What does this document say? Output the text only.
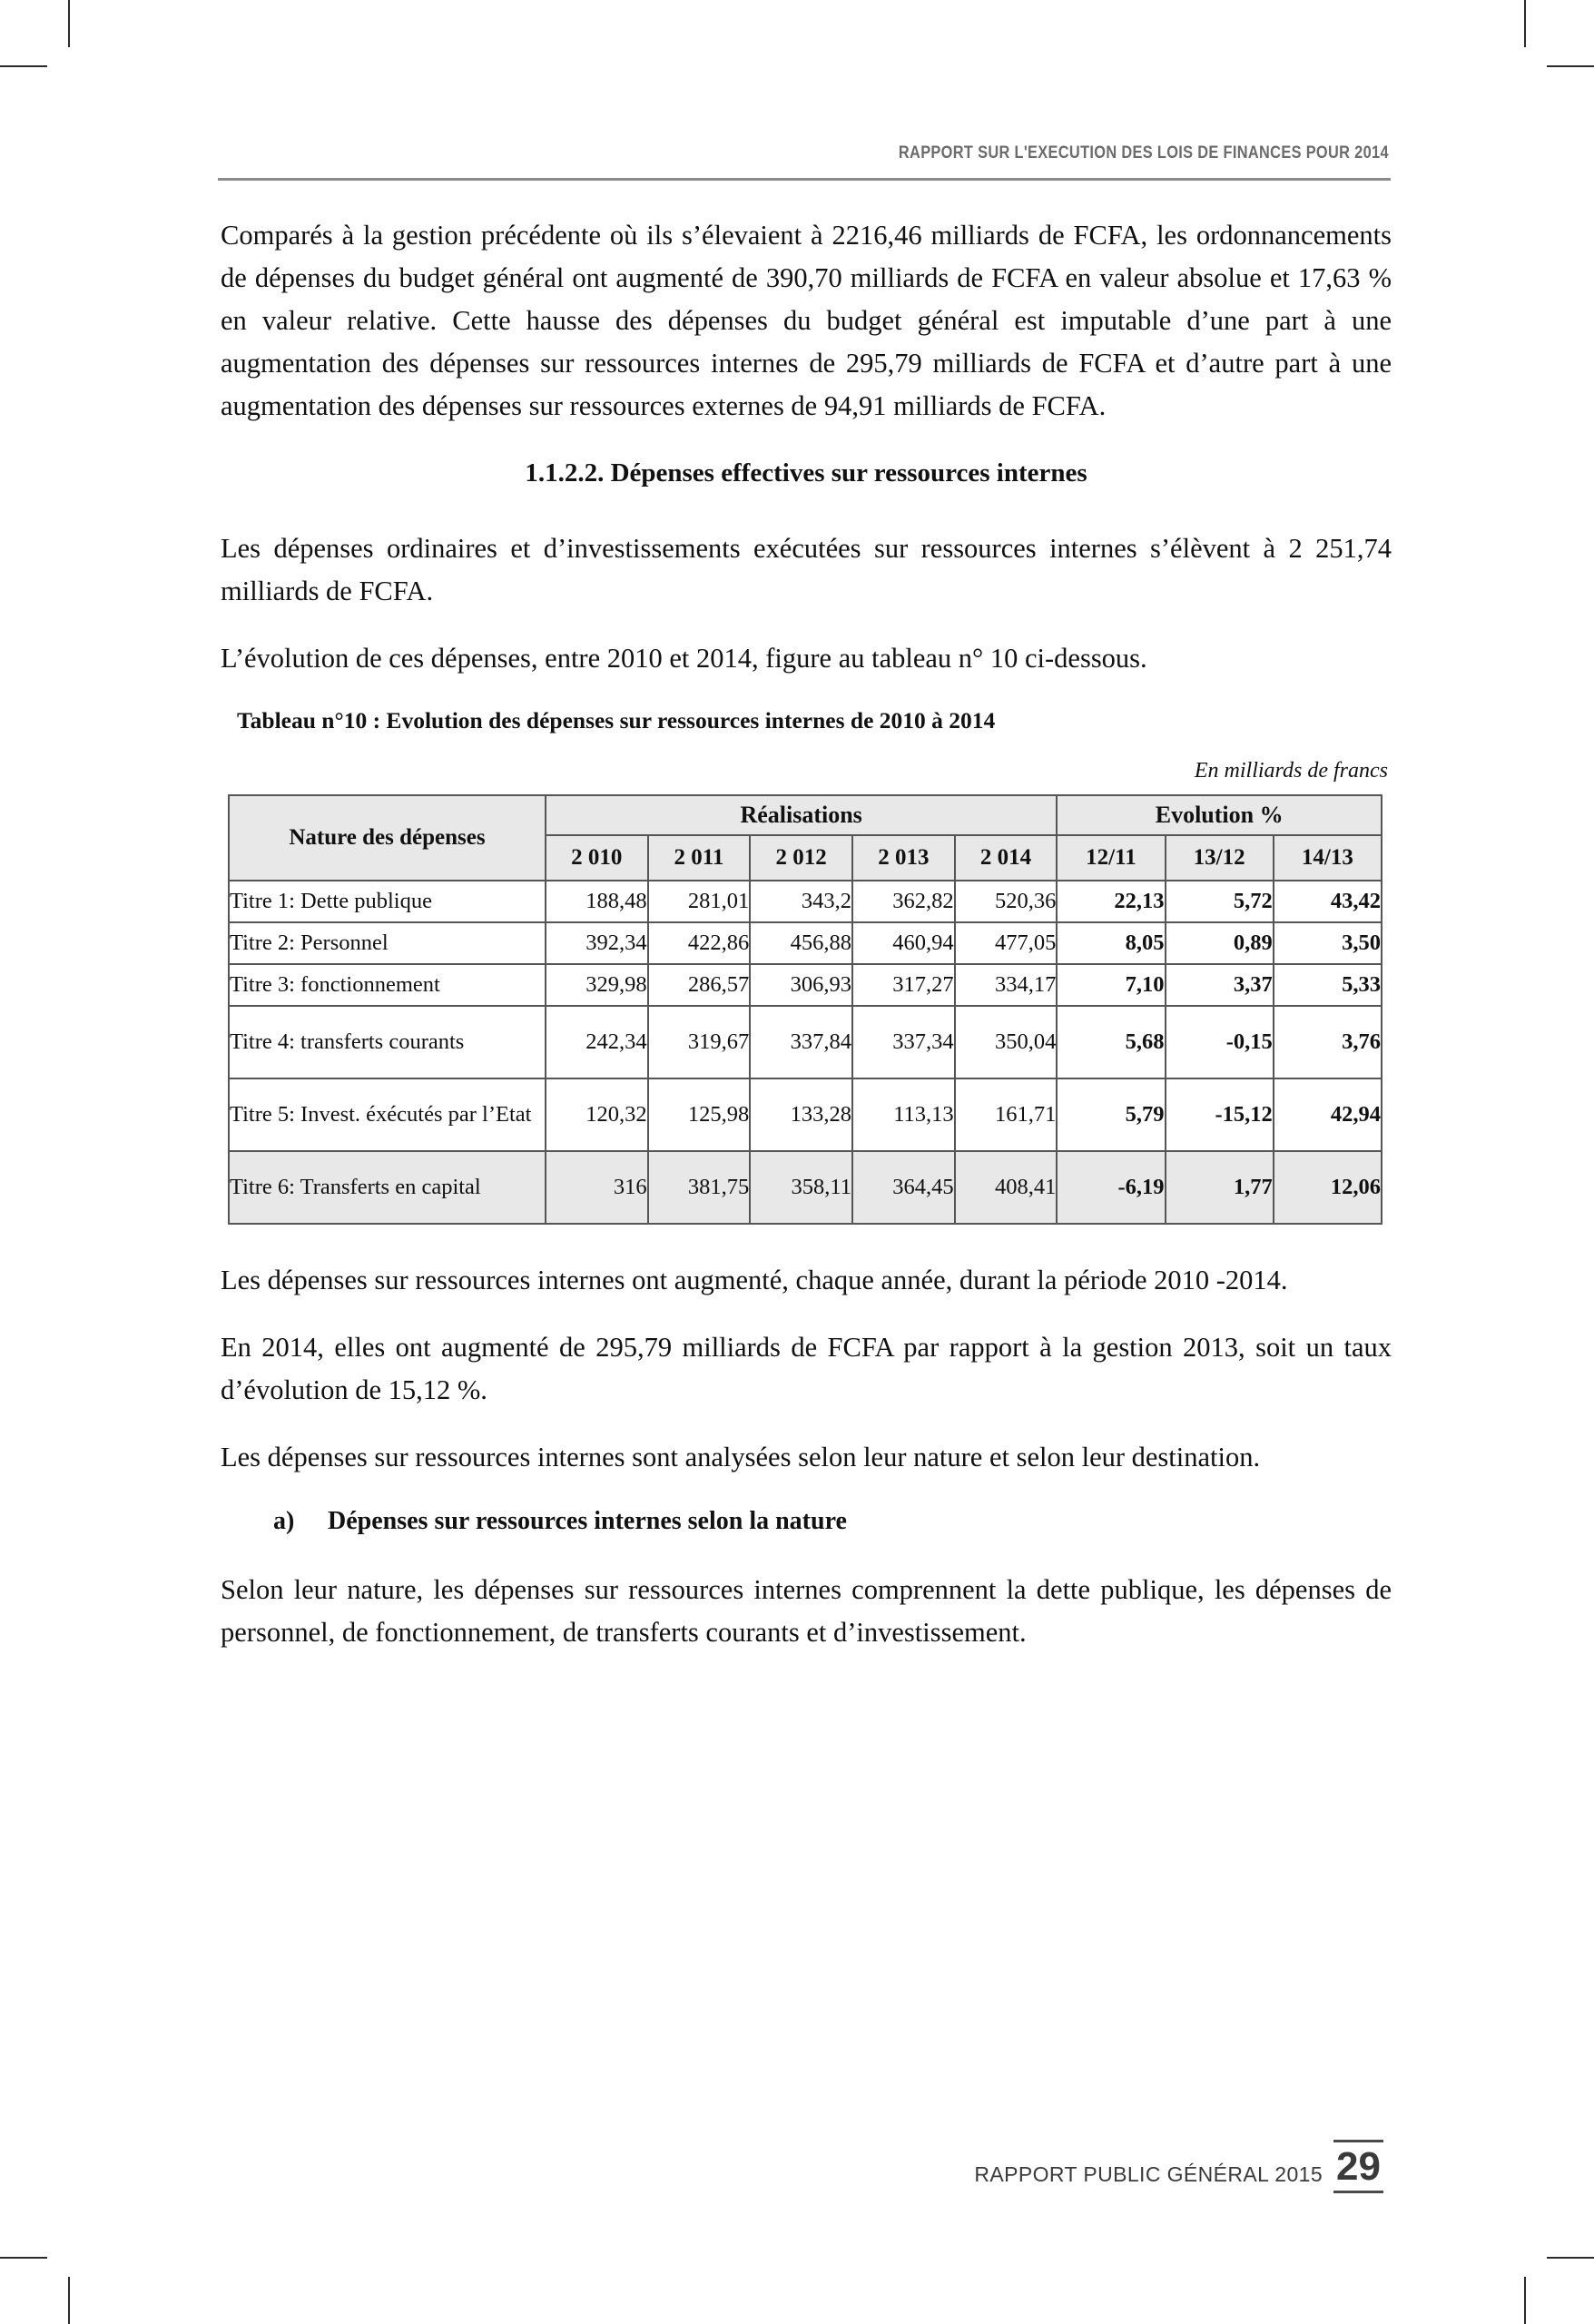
RAPPORT SUR L'EXECUTION DES LOIS DE FINANCES POUR 2014

Comparés à la gestion précédente où ils s’élevaient à 2216,46 milliards de FCFA, les ordonnancements de dépenses du budget général ont augmenté de 390,70 milliards de FCFA en valeur absolue et 17,63 % en valeur relative. Cette hausse des dépenses du budget général est imputable d’une part à une augmentation des dépenses sur ressources internes de 295,79 milliards de FCFA et d’autre part à une augmentation des dépenses sur ressources externes de 94,91 milliards de FCFA.

1.1.2.2. Dépenses effectives sur ressources internes

Les dépenses ordinaires et d’investissements exécutées sur ressources internes s’élèvent à 2 251,74 milliards de FCFA.

L’évolution de ces dépenses, entre 2010 et 2014, figure au tableau n° 10 ci-dessous.

Tableau n°10 : Evolution des dépenses sur ressources internes de 2010 à 2014
En milliards de francs
Nature des dépenses	Réalisations					Evolution %		
	2 010	2 011	2 012	2 013	2 014	12/11	13/12	14/13
Titre 1: Dette publique	188,48	281,01	343,2	362,82	520,36	22,13	5,72	43,42
Titre 2: Personnel	392,34	422,86	456,88	460,94	477,05	8,05	0,89	3,50
Titre 3: fonctionnement	329,98	286,57	306,93	317,27	334,17	7,10	3,37	5,33
Titre 4: transferts courants	242,34	319,67	337,84	337,34	350,04	5,68	-0,15	3,76
Titre 5: Invest. éxécutés par l’Etat	120,32	125,98	133,28	113,13	161,71	5,79	-15,12	42,94
Titre 6: Transferts en capital	316	381,75	358,11	364,45	408,41	-6,19	1,77	12,06

Les dépenses sur ressources internes ont augmenté, chaque année, durant la période 2010 -2014.

En 2014, elles ont augmenté de 295,79 milliards de FCFA par rapport à la gestion 2013, soit un taux d’évolution de 15,12 %.

Les dépenses sur ressources internes sont analysées selon leur nature et selon leur destination.

a) Dépenses sur ressources internes selon la nature

Selon leur nature, les dépenses sur ressources internes comprennent la dette publique, les dépenses de personnel, de fonctionnement, de transferts courants et d’investissement.

RAPPORT PUBLIC GÉNÉRAL 2015 29
